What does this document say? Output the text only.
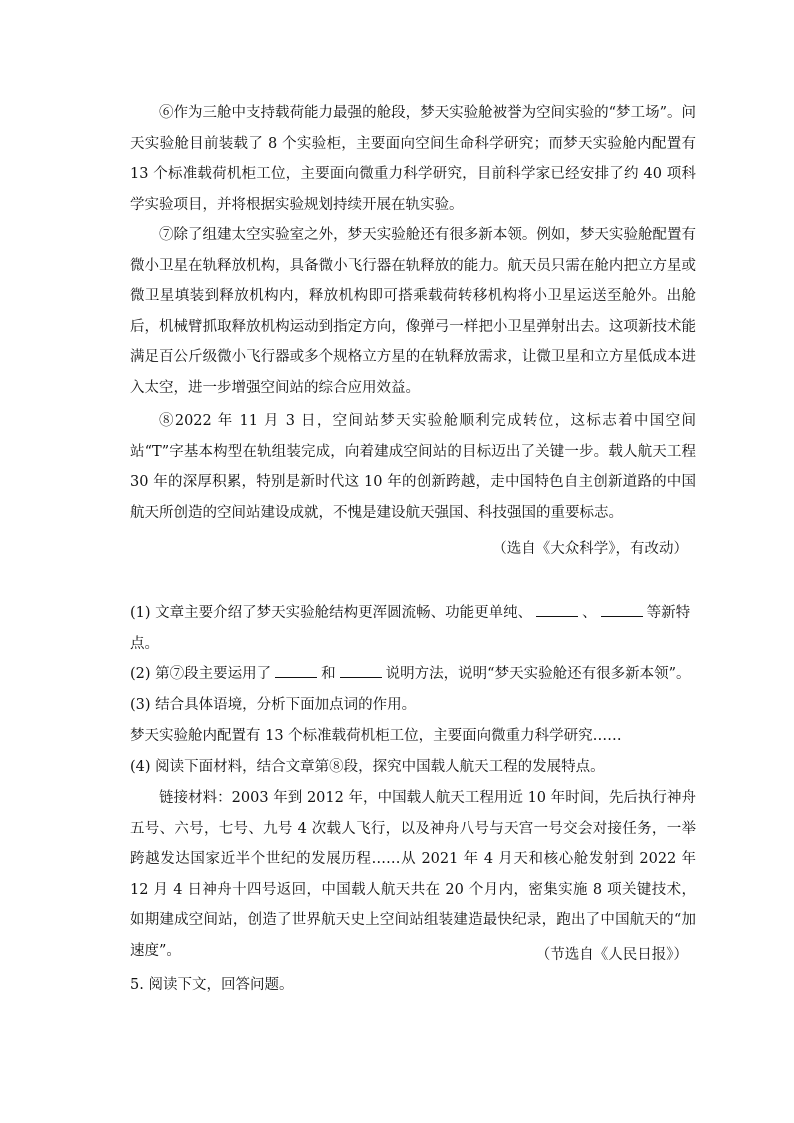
⑥作为三舱中支持载荷能力最强的舱段，梦天实验舱被誉为空间实验的“梦工场”。问天实验舱目前装载了 8 个实验柜，主要面向空间生命科学研究；而梦天实验舱内配置有 13 个标准载荷机柜工位，主要面向微重力科学研究，目前科学家已经安排了约 40 项科学实验项目，并将根据实验规划持续开展在轨实验。

⑦除了组建太空实验室之外，梦天实验舱还有很多新本领。例如，梦天实验舱配置有微小卫星在轨释放机构，具备微小飞行器在轨释放的能力。航天员只需在舱内把立方星或微卫星填装到释放机构内，释放机构即可搭乘载荷转移机构将小卫星运送至舱外。出舱后，机械臂抓取释放机构运动到指定方向，像弹弓一样把小卫星弹射出去。这项新技术能满足百公斤级微小飞行器或多个规格立方星的在轨释放需求，让微卫星和立方星低成本进入太空，进一步增强空间站的综合应用效益。

⑧2022 年 11 月 3 日，空间站梦天实验舱顺利完成转位，这标志着中国空间站“T”字基本构型在轨组装完成，向着建成空间站的目标迈出了关键一步。载人航天工程 30 年的深厚积累，特别是新时代这 10 年的创新跨越，走中国特色自主创新道路的中国航天所创造的空间站建设成就，不愧是建设航天强国、科技强国的重要标志。

（选自《大众科学》，有改动）

(1) 文章主要介绍了梦天实验舱结构更浑圆流畅、功能更单纯、	、	等新特点。

(2) 第⑦段主要运用了	和	说明方法，说明“梦天实验舱还有很多新本领”。

(3) 结合具体语境，分析下面加点词的作用。

梦天实验舱内配置有 13 个标准载荷机柜工位，主要面向微重力科学研究……

(4) 阅读下面材料，结合文章第⑧段，探究中国载人航天工程的发展特点。

链接材料：2003 年到 2012 年，中国载人航天工程用近 10 年时间，先后执行神舟五号、六号，七号、九号 4 次载人飞行，以及神舟八号与天宫一号交会对接任务，一举跨越发达国家近半个世纪的发展历程……从 2021 年 4 月天和核心舱发射到 2022 年 12 月 4 日神舟十四号返回，中国载人航天共在 20 个月内，密集实施 8 项关键技术，如期建成空间站，创造了世界航天史上空间站组装建造最快纪录，跑出了中国航天的“加速度”。	（节选自《人民日报》）

5. 阅读下文，回答问题。
